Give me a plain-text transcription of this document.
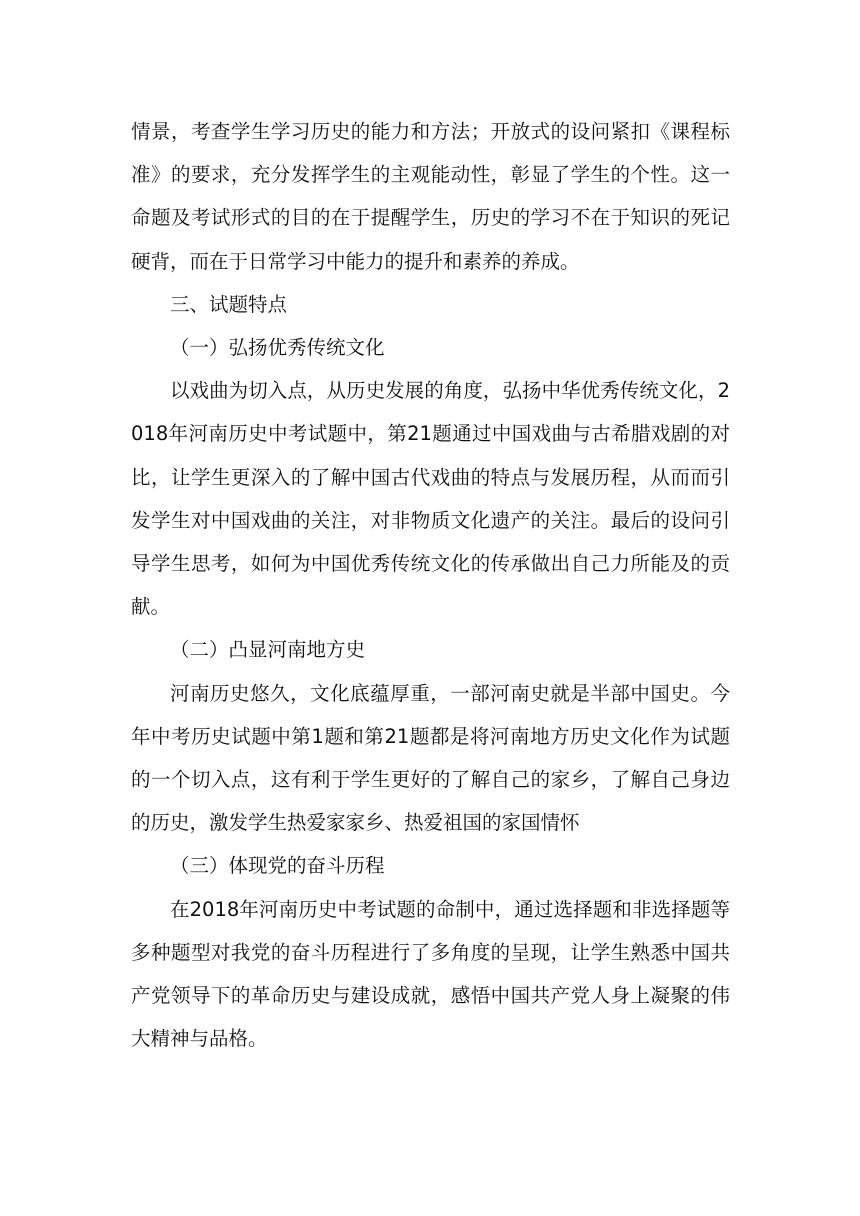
情景，考查学生学习历史的能力和方法；开放式的设问紧扣《课程标准》的要求，充分发挥学生的主观能动性，彰显了学生的个性。这一命题及考试形式的目的在于提醒学生，历史的学习不在于知识的死记硬背，而在于日常学习中能力的提升和素养的养成。

三、试题特点

（一）弘扬优秀传统文化

以戏曲为切入点，从历史发展的角度，弘扬中华优秀传统文化，2018年河南历史中考试题中，第21题通过中国戏曲与古希腊戏剧的对比，让学生更深入的了解中国古代戏曲的特点与发展历程，从而而引发学生对中国戏曲的关注，对非物质文化遗产的关注。最后的设问引导学生思考，如何为中国优秀传统文化的传承做出自己力所能及的贡献。

（二）凸显河南地方史

河南历史悠久，文化底蕴厚重，一部河南史就是半部中国史。今年中考历史试题中第1题和第21题都是将河南地方历史文化作为试题的一个切入点，这有利于学生更好的了解自己的家乡，了解自己身边的历史，激发学生热爱家家乡、热爱祖国的家国情怀

（三）体现党的奋斗历程

在2018年河南历史中考试题的命制中，通过选择题和非选择题等多种题型对我党的奋斗历程进行了多角度的呈现，让学生熟悉中国共产党领导下的革命历史与建设成就，感悟中国共产党人身上凝聚的伟大精神与品格。
